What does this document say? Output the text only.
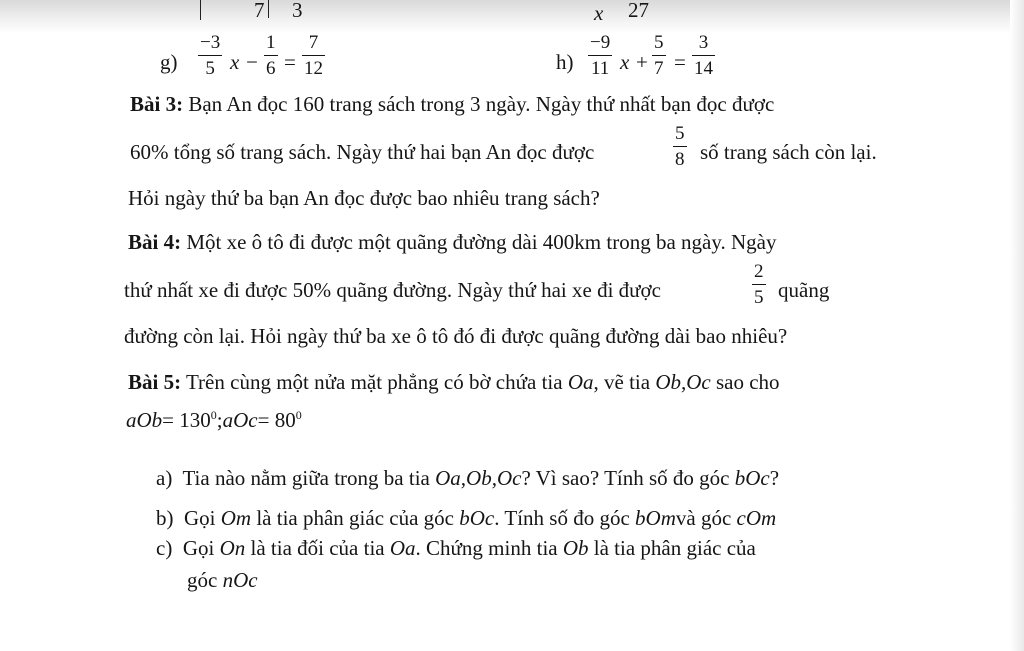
7 3	x 27
g)
−3
5 x −
1
6 =
7
12	h)
−9
11 x +
5
7 =
3
14
Bài 3: Bạn An đọc 160 trang sách trong 3 ngày. Ngày thứ nhất bạn đọc được
60% tổng số trang sách. Ngày thứ hai bạn An đọc được
5
8 số trang sách còn lại.
Hỏi ngày thứ ba bạn An đọc được bao nhiêu trang sách?
Bài 4: Một xe ô tô đi được một quãng đường dài 400km trong ba ngày. Ngày
thứ nhất xe đi được 50% quãng đường. Ngày thứ hai xe đi được
2
5 quãng
đường còn lại. Hỏi ngày thứ ba xe ô tô đó đi được quãng đường dài bao nhiêu?
Bài 5: Trên cùng một nửa mặt phẳng có bờ chứa tia Oa, vẽ tia Ob,Oc sao cho
$aOb= 130^0;aOc= 80^0$
a) Tia nào nằm giữa trong ba tia Oa,Ob,Oc? Vì sao? Tính số đo góc bOc?
b) Gọi Om là tia phân giác của góc bOc. Tính số đo góc bOmvà góc cOm
c) Gọi On là tia đối của tia Oa. Chứng minh tia Ob là tia phân giác của
góc nOc
